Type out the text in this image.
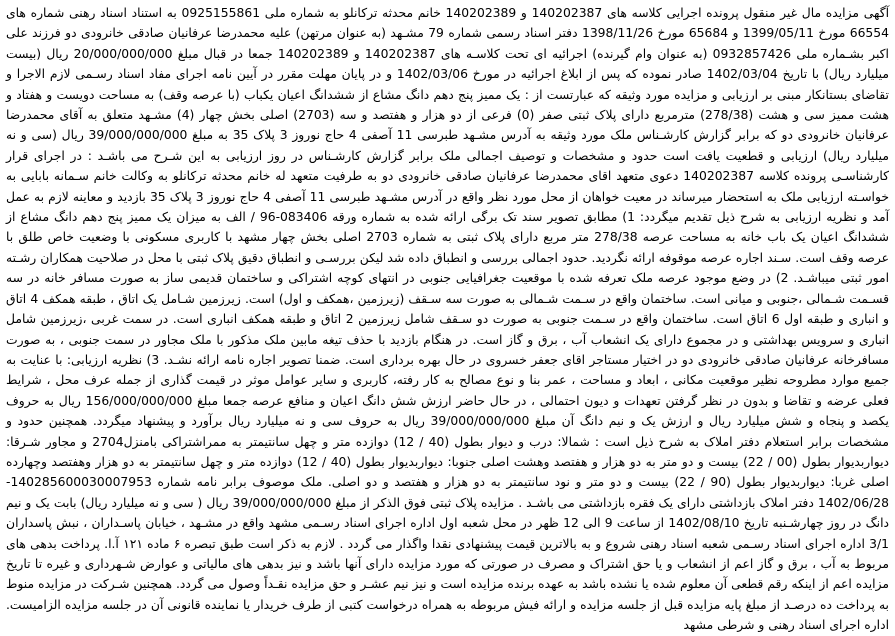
آگهی مزایده مال غیر منقول پرونده اجرایی کلاسه های 140202387 و 140202389 خانم محدثه ترکانلو به شماره ملی 0925155861 به استناد اسناد رهنی شماره های 66554 مورخ 1399/05/11 و 65684 مورخ 1398/11/26 دفتر اسناد رسمی شماره 79 مشـهد (به عنوان مرتهن) علیه محمدرضا عرفانیان صادقی خانرودی دو فرزند علی اکبر بشـماره ملی 0932857426 (به عنوان وام گیرنده) اجرائیه ای تحت کلاسـه های 140202387 و 140202389 جمعا در قبال مبلغ 20/000/000/000 ریال (بیست میلیارد ریال) با تاریخ 1402/03/04 صادر نموده که پس از ابلاغ اجرائیه در مورخ 1402/03/06 و در پایان مهلت مقرر در آیین نامه اجرای مفاد اسناد رسـمی لازم الاجرا و تقاضای بستانکار مبنی بر ارزیابی و مزایده مورد وثیقه که عبارتست از : یک ممیز پنج دهم دانگ مشاع از ششدانگ اعیان یکباب (با عرصه وقف) به مساحت دویست و هفتاد و هشت ممیز سی و هشت (278/38) مترمربع دارای پلاک ثبتی صفر (0) فرعی از دو هزار و هفتصد و سه (2703) اصلی بخش چهار (4) مشـهد متعلق به آقای محمدرضا عرفانیان خانرودی دو که برابر گزارش کارشـناس ملک مورد وثیقه به آدرس مشـهد طبرسی 11 آصفی 4 حاج نوروز 3 پلاک 35 به مبلغ 39/000/000/000 ریال (سی و نه میلیارد ریال) ارزیابی و قطعیت یافت است حدود و مشخصات و توصیف اجمالی ملک برابر گزارش کارشـناس در روز ارزیابی به این شـرح می باشـد : در اجرای قرار کارشناسـی پرونده کلاسه 140202387 دعوی متعهد اقای محمدرضا عرفانیان صادقی خانرودی دو به طرفیت متعهد له خانم محدثه ترکانلو به وکالت خانم سـمانه بابایی به خواسـته ارزیابی ملک به استحضار میرساند در معیت خواهان از محل مورد نظر واقع در آدرس مشـهد طبرسی 11 آصفی 4 حاج نوروز 3 پلاک 35 بازدید و معاینه لازم به عمل آمد و نظریه ارزیابی به شرح ذیل تقدیم میگردد: 1) مطابق تصویر سند تک برگی ارائه شده به شماره ورقه 083406-96 / الف به میزان یک ممیز پنج دهم دانگ مشاع از ششدانگ اعیان یک باب خانه به مساحت عرصه 278/38 متر مربع دارای پلاک ثبتی به شماره 2703 اصلی بخش چهار مشهد با کاربری مسکونی با وضعیت خاص طلق با عرصه وقف است. سـند اجاره عرصه موقوفه ارائه نگردید. حدود اجمالی بررسی و انطباق داده شد لیکن بررسـی و انطباق دقیق پلاک ثبتی با محل در صلاحیت همکاران رشـته امور ثبتی میباشـد. 2) در وضع موجود عرصه ملک تعرفه شده با موقعیت جغرافیایی جنوبی در انتهای کوچه اشتراکی و ساختمان قدیمی ساز به صورت مسافر خانه در سه قسـمت شـمالی ،جنوبی و میانی است. ساختمان واقع در سـمت شـمالی به صورت سه سـقف (زیرزمین ،همکف و اول) است. زیرزمین شـامل یک اتاق ، طبقه همکف 4 اتاق و انباری و طبقه اول 6 اتاق است. ساختمان واقع در سـمت جنوبی به صورت دو سـقف شامل زیرزمین 2 اتاق و طبقه همکف انباری است. در سمت غربی ،زیرزمین شامل انباری و سرویس بهداشتی و در مجموع دارای یک انشعاب آب ، برق و گاز است. در هنگام بازدید با حذف تیغه مابین ملک مذکور با ملک مجاور در سمت جنوبی ، به صورت مسافرخانه عرفانیان صادقی خانرودی دو در اختیار مستاجر اقای جعفر خسروی در حال بهره برداری است. ضمنا تصویر اجاره نامه ارائه نشـد. 3) نظریه ارزیابی: با عنایت به جمیع موارد مطروحه نظیر موقعیت مکانی ، ابعاد و مساحت ، عمر بنا و نوع مصالح به کار رفته، کاربری و سایر عوامل موثر در قیمت گذاری از جمله عرف محل ، شرایط فعلی عرضه و تقاضا و بدون در نظر گرفتن تعهدات و دیون احتمالی ، در حال حاضر ارزش شش دانگ اعیان و منافع عرصه جمعا مبلغ 156/000/000/000 ریال به حروف یکصد و پنجاه و شش میلیارد ریال و ارزش یک و نیم دانگ آن مبلغ 39/000/000/000 ریال به حروف سی و نه میلیارد ریال برآورد و پیشنهاد میگردد. همچنین حدود و مشخصات برابر استعلام دفتر املاک به شرح ذیل است : شمالا: درب و دیوار بطول (40 / 12) دوازده متر و چهل سانتیمتر به ممراشتراکی بامنزل2704 و مجاور شـرقا: دیواربدیوار بطول (00 / 22) بیست و دو متر به دو هزار و هفتصد وهشت اصلی جنوبا: دیواربدیوار بطول (40 / 12) دوازده متر و چهل سانتیمتر به دو هزار وهفتصد وچهارده اصلی غربا: دیواربدیوار بطول (90 / 22) بیست و دو متر و نود سانتیمتر به دو هزار و هفتصد و دو اصلی. ملک موصوف برابر نامه شماره 140285600030007953-1402/06/28 دفتر املاک بازداشتی دارای یک فقره بازداشتی می باشـد . مزایده پلاک ثبتی فوق الذکر از مبلغ 39/000/000/000 ریال ( سی و نه میلیارد ریال) بابت یک و نیم دانگ در روز چهارشـنبه تاریخ 1402/08/10 از ساعت 9 الی 12 ظهر در محل شعبه اول اداره اجرای اسناد رسـمی مشهد واقع در مشـهد ، خیابان پاسـداران ، نبش پاسداران 3/1 اداره اجرای اسناد رسـمی شعبه اسناد رهنی شروع و به بالاترین قیمت پیشنهادی نقدا واگذار می گردد . لازم به ذکر است طبق تبصره ۶ ماده ۱۲۱ آ.ا. پرداخت بدهی های مربوط به آب ، برق و گاز اعم از انشعاب و یا حق اشتراک و مصرف در صورتی که مورد مزایده دارای آنها باشد و نیز بدهی های مالیاتی و عوارض شـهرداری و غیره تا تاریخ مزایده اعم از اینکه رقم قطعی آن معلوم شده یا نشده باشد به عهده برنده مزایده است و نیز نیم عشـر و حق مزایده نقـداً وصول می گردد. همچنین شـرکت در مزایده منوط به پرداخت ده درصـد از مبلغ پایه مزایده قبل از جلسه مزایده و ارائه فیش مربوطه به همراه درخواست کتبی از طرف خریدار یا نماینده قانونی آن در جلسه مزایده الزامیست. اداره اجرای اسناد رهنی و شرطی مشهد
